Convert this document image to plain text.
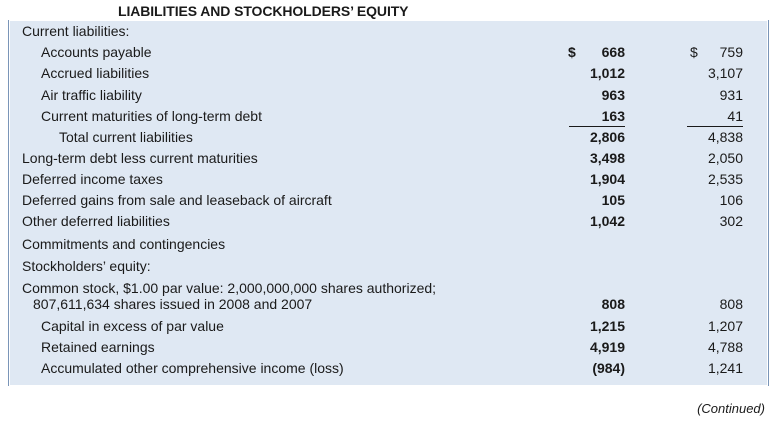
LIABILITIES AND STOCKHOLDERS’ EQUITY
Current liabilities:
Accounts payable	$	668	$	759
Accrued liabilities	1,012	3,107
Air traffic liability	963	931
Current maturities of long-term debt	163	41
Total current liabilities	2,806	4,838
Long-term debt less current maturities	3,498	2,050
Deferred income taxes	1,904	2,535
Deferred gains from sale and leaseback of aircraft	105	106
Other deferred liabilities	1,042	302
Commitments and contingencies
Stockholders’ equity:
Common stock, $1.00 par value: 2,000,000,000 shares authorized;
807,611,634 shares issued in 2008 and 2007	808	808
Capital in excess of par value	1,215	1,207
Retained earnings	4,919	4,788
Accumulated other comprehensive income (loss)	(984)	1,241
(Continued)
